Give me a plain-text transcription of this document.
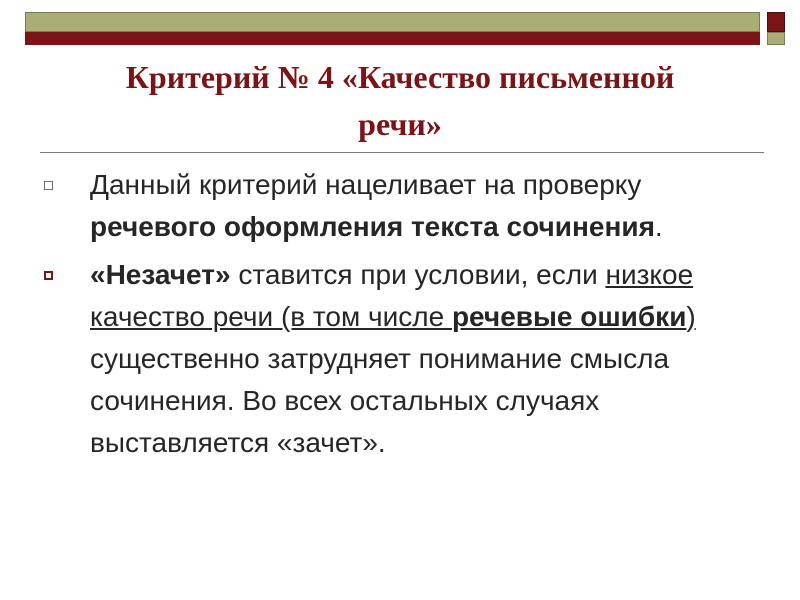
Критерий № 4 «Качество письменной
речи»
Данный критерий нацеливает на проверку речевого оформления текста сочинения.
«Незачет» ставится при условии, если низкое качество речи (в том числе речевые ошибки) существенно затрудняет понимание смысла сочинения. Во всех остальных случаях выставляется «зачет».
